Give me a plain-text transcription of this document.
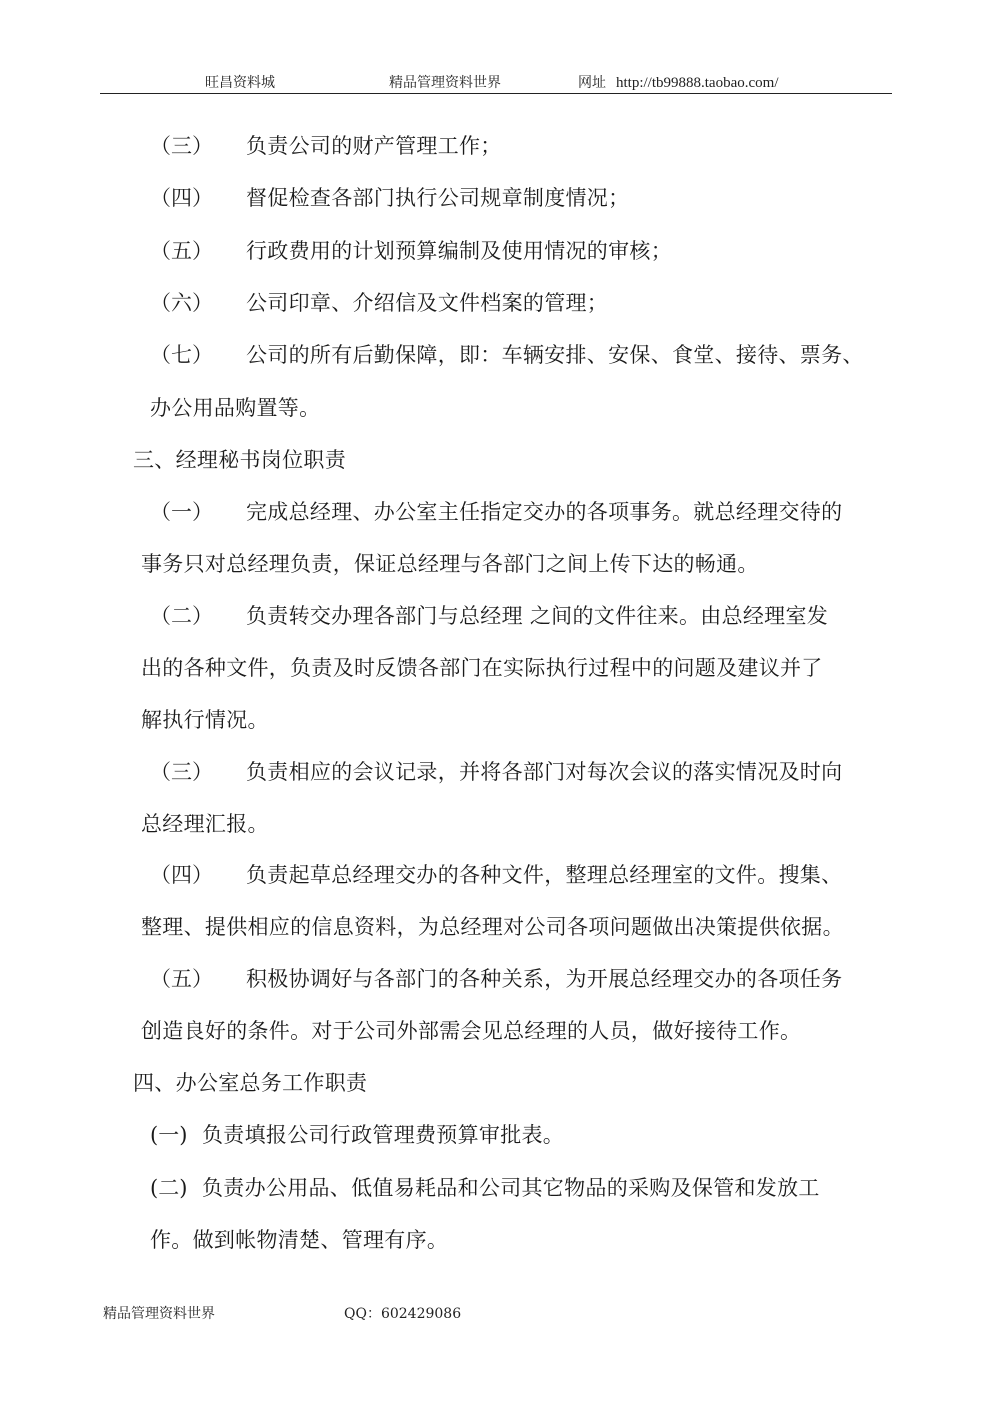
旺昌资料城	精品管理资料世界	网址 http://tb99888.taobao.com/
（三） 负责公司的财产管理工作；
（四） 督促检查各部门执行公司规章制度情况；
（五） 行政费用的计划预算编制及使用情况的审核；
（六） 公司印章、介绍信及文件档案的管理；
（七） 公司的所有后勤保障，即：车辆安排、安保、食堂、接待、票务、
办公用品购置等。
三、经理秘书岗位职责
（一） 完成总经理、办公室主任指定交办的各项事务。就总经理交待的
事务只对总经理负责，保证总经理与各部门之间上传下达的畅通。
（二） 负责转交办理各部门与总经理 之间的文件往来。由总经理室发
出的各种文件，负责及时反馈各部门在实际执行过程中的问题及建议并了
解执行情况。
（三） 负责相应的会议记录，并将各部门对每次会议的落实情况及时向
总经理汇报。
（四） 负责起草总经理交办的各种文件，整理总经理室的文件。搜集、
整理、提供相应的信息资料，为总经理对公司各项问题做出决策提供依据。
（五） 积极协调好与各部门的各种关系，为开展总经理交办的各项任务
创造良好的条件。对于公司外部需会见总经理的人员，做好接待工作。
四、办公室总务工作职责
(一) 负责填报公司行政管理费预算审批表。
(二) 负责办公用品、低值易耗品和公司其它物品的采购及保管和发放工
作。做到帐物清楚、管理有序。
精品管理资料世界	QQ：602429086
